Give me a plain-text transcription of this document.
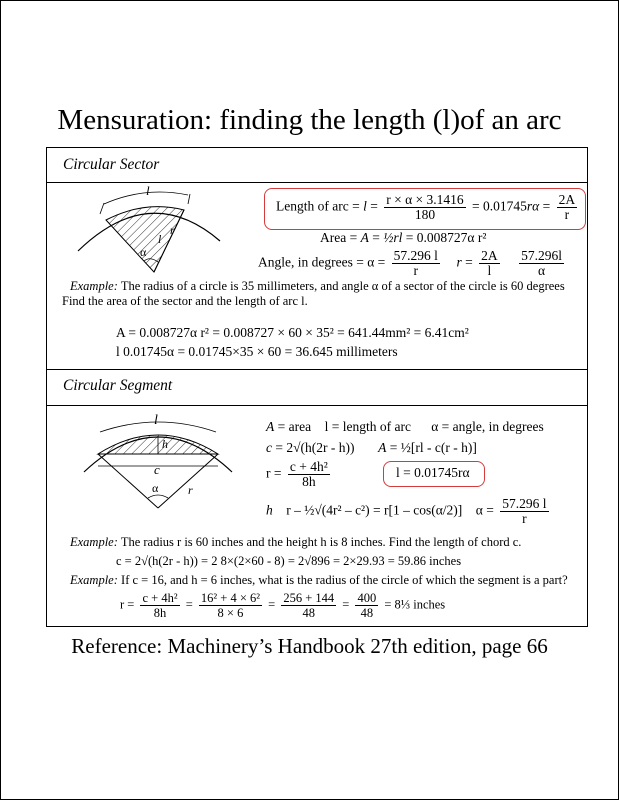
Mensuration: finding the length (l)of an arc
Circular Sector
l
r
l
α
Length of arc = $l = \frac{r \times \alpha \times 3.1416}{180} = 0.01745r\alpha = \frac{2A}{r}$
Area = A = ½rl = 0.008727α r²
Angle, in degrees = $\alpha = \frac{57.296 l}{r}$ $r = \frac{2A}{l}$
$\frac{57.296l}{\alpha}$
Example: The radius of a circle is 35 millimeters, and angle α of a sector of the circle is 60 degrees
Find the area of the sector and the length of arc l.
A = 0.008727α r² = 0.008727 × 60 × 35² = 641.44mm² = 6.41cm²
l 0.01745α = 0.01745×35 × 60 = 36.645 millimeters
Circular Segment
l
h
c
α r
A = area l = length of arc α = angle, in degrees
c = 2√(h(2r - h)) A = ½[rl - c(r - h)]
$r = \frac{\text{c + 4h²}}{8h}$	l = 0.01745rα
h r – ½√(4r² – c²) = r[1 – cos(α/2)] $\alpha = \frac{57.296 l}{r}$
Example: The radius r is 60 inches and the height h is 8 inches. Find the length of chord c.
c = 2√(h(2r - h)) = 2 8×(2×60 - 8) = 2√896 = 2×29.93 = 59.86 inches
Example: If c = 16, and h = 6 inches, what is the radius of the circle of which the segment is a part?
$r = \frac{\text{c + 4h²}}{8h} = \frac{\text{16² + 4 × 6²}}{8 \times 6} = \frac{256 + 144}{48} = \frac{400}{48}$ = 8⅓ inches
Reference: Machinery’s Handbook 27th edition, page 66
